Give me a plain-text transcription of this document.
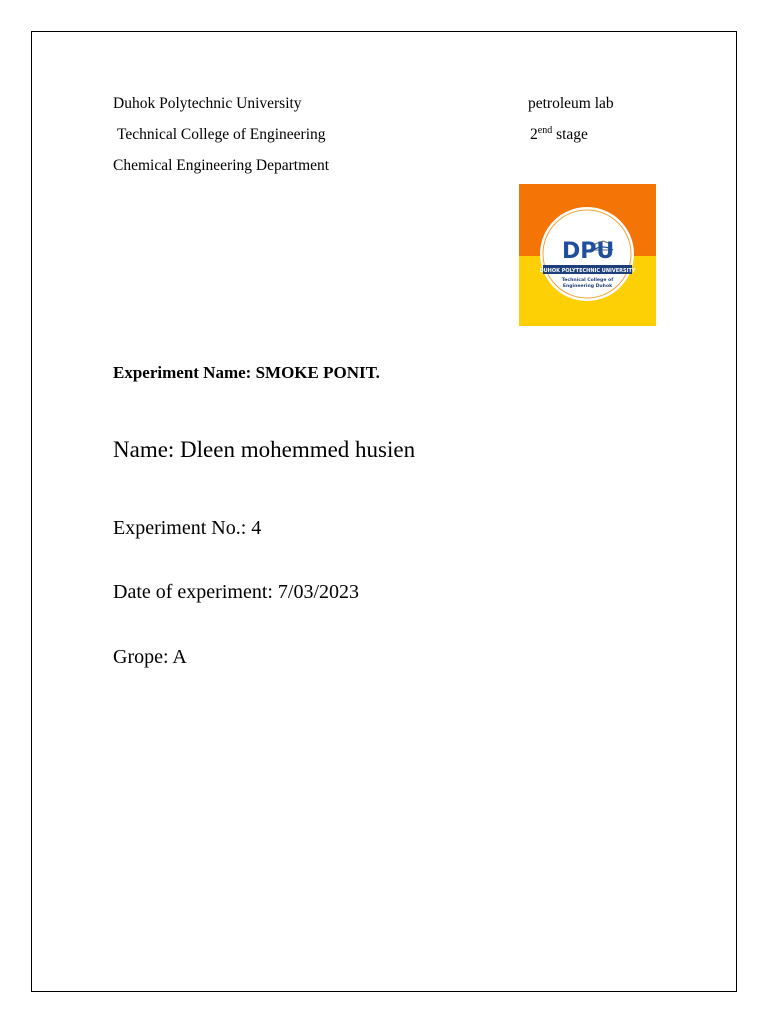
Duhok Polytechnic University
Technical College of Engineering
Chemical Engineering Department
petroleum lab
$2^{end}$ stage
DPU
DUHOK POLYTECHNIC UNIVERSITY
Technical College of
Engineering Duhok
Experiment Name: SMOKE PONIT.
Name: Dleen mohemmed husien
Experiment No.: 4
Date of experiment: 7/03/2023
Grope: A
